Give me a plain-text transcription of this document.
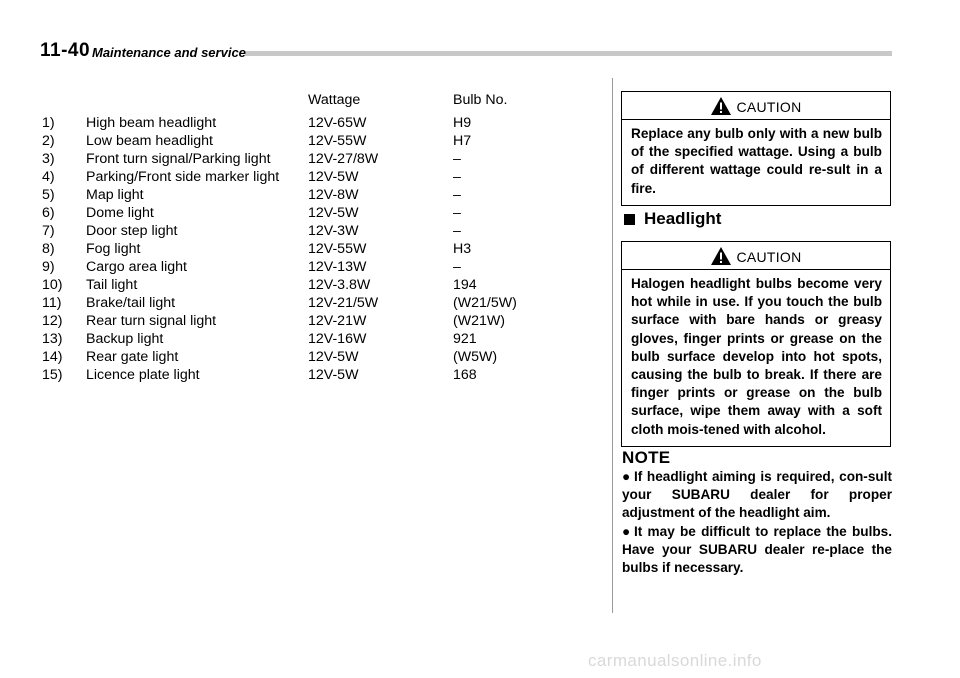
11-40 Maintenance and service
Wattage	Bulb No.
1) High beam headlight	12V-65W	H9
2) Low beam headlight	12V-55W	H7
3) Front turn signal/Parking light	12V-27/8W	–
4) Parking/Front side marker light 12V-5W	–
5) Map light	12V-8W	–
6) Dome light	12V-5W	–
7) Door step light	12V-3W	–
8) Fog light	12V-55W	H3
9) Cargo area light	12V-13W	–
10) Tail light	12V-3.8W	194
11) Brake/tail light	12V-21/5W	(W21/5W)
12) Rear turn signal light	12V-21W	(W21W)
13) Backup light	12V-16W	921
14) Rear gate light	12V-5W	(W5W)
15) Licence plate light	12V-5W	168
CAUTION
Replace any bulb only with a new bulb of the specified wattage. Using a bulb of different wattage could re-sult in a fire.
Headlight
CAUTION
Halogen headlight bulbs become very hot while in use. If you touch the bulb surface with bare hands or greasy gloves, finger prints or grease on the bulb surface develop into hot spots, causing the bulb to break. If there are finger prints or grease on the bulb surface, wipe them away with a soft cloth mois-tened with alcohol.
NOTE
● If headlight aiming is required, con-sult your SUBARU dealer for proper adjustment of the headlight aim.
● It may be difficult to replace the bulbs. Have your SUBARU dealer re-place the bulbs if necessary.
carmanualsonline.info
